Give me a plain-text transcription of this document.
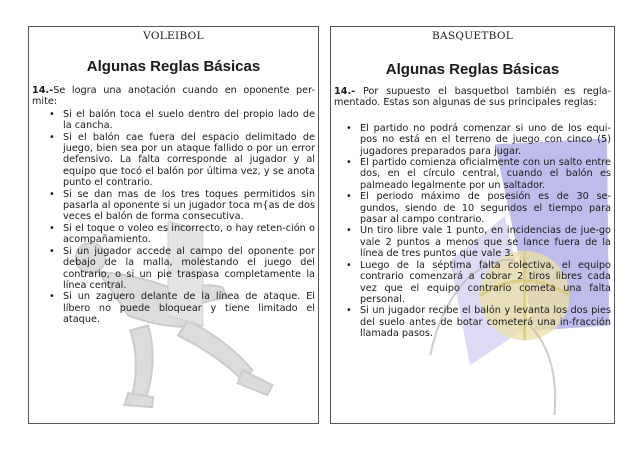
VOLEIBOL
Algunas Reglas Básicas
14.-Se logra una anotación cuando en oponente per-mite:
• Si el balón toca el suelo dentro del propio lado de la cancha.
• Si el balón cae fuera del espacio delimitado de juego, bien sea por un ataque fallido o por un error defensivo. La falta corresponde al jugador y al equipo que tocó el balón por última vez, y se anota punto el contrario.
• Si se dan mas de los tres toques permitidos sin pasarla al oponente si un jugador toca m{as de dos veces el balón de forma consecutiva.
• Si el toque o voleo es incorrecto, o hay reten-ción o acompañamiento.
• Si un jugador accede al campo del oponente por debajo de la malla, molestando el juego del contrario, o si un pie traspasa completamente la línea central.
• Si un zaguero delante de la línea de ataque. El líbero no puede bloquear y tiene limitado el ataque.
BASQUETBOL
Algunas Reglas Básicas
14.- Por supuesto el basquetbol también es regla-mentado. Estas son algunas de sus principales reglas:
• El partido no podrá comenzar si uno de los equi-pos no está en el terreno de juego con cinco (5) jugadores preparados para jugar.
• El partido comienza oficialmente con un salto entre dos, en el círculo central, cuando el balón es palmeado legalmente por un saltador.
• El periodo máximo de posesión es de 30 se-gundos, siendo de 10 segundos el tiempo para pasar al campo contrario.
• Un tiro libre vale 1 punto, en incidencias de jue-go vale 2 puntos a menos que se lance fuera de la línea de tres puntos que vale 3.
• Luego de la séptima falta colectiva, el equipo contrario comenzará a cobrar 2 tiros libres cada vez que el equipo contrario cometa una falta personal.
• Si un jugador recibe el balón y levanta los dos pies del suelo antes de botar cometerá una in-fracción llamada pasos.
